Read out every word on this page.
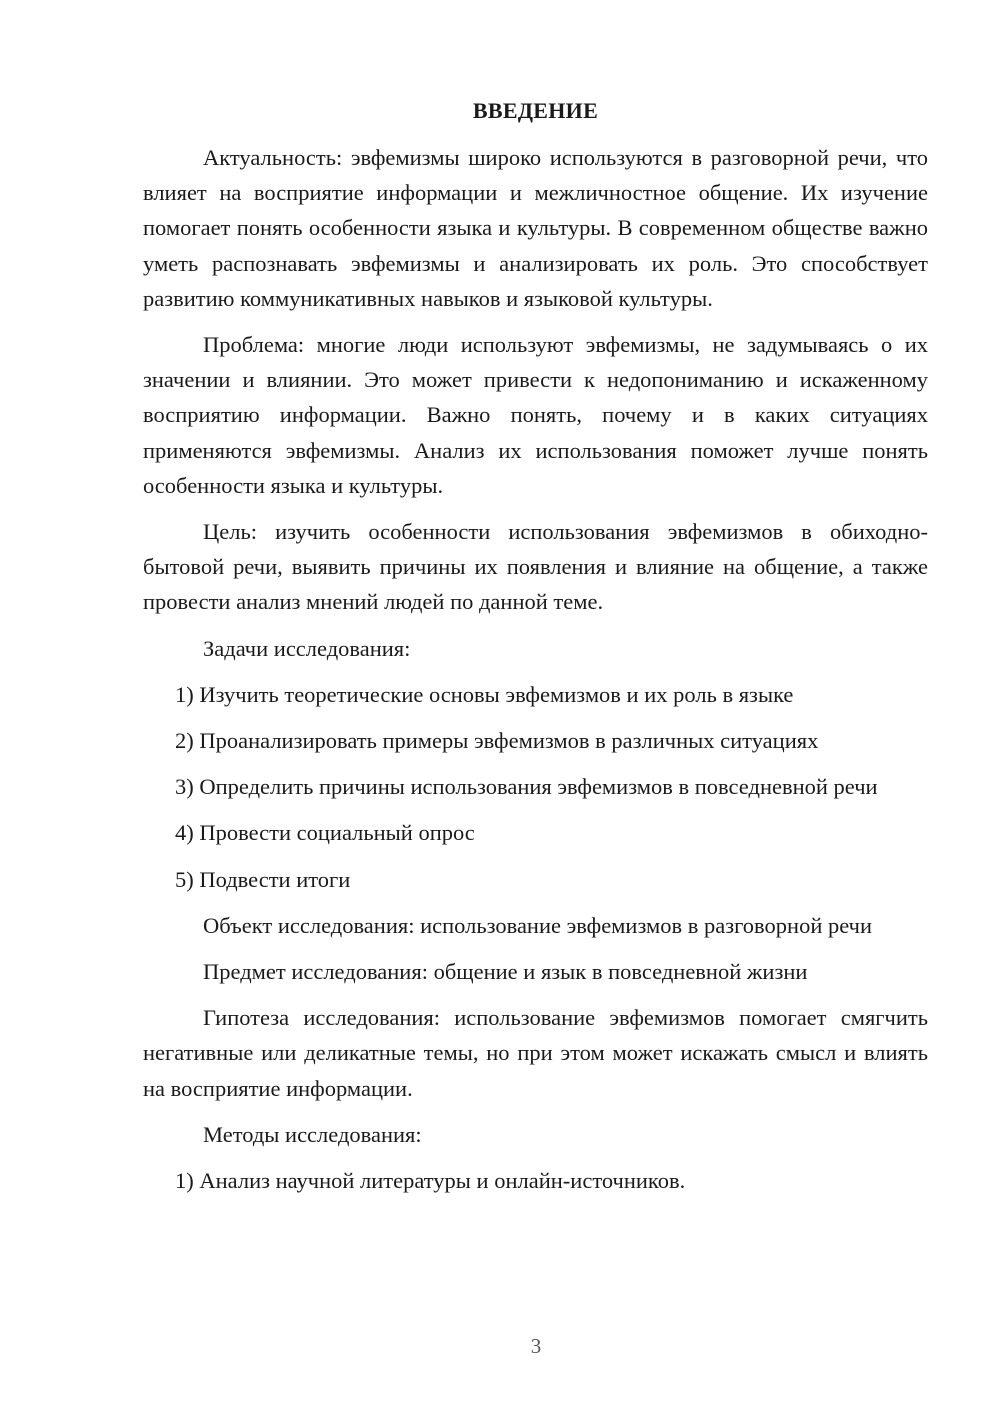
ВВЕДЕНИЕ

Актуальность: эвфемизмы широко используются в разговорной речи, что влияет на восприятие информации и межличностное общение. Их изучение помогает понять особенности языка и культуры. В современном обществе важно уметь распознавать эвфемизмы и анализировать их роль. Это способствует развитию коммуникативных навыков и языковой культуры.

Проблема: многие люди используют эвфемизмы, не задумываясь о их значении и влиянии. Это может привести к недопониманию и искаженному восприятию информации. Важно понять, почему и в каких ситуациях применяются эвфемизмы. Анализ их использования поможет лучше понять особенности языка и культуры.

Цель: изучить особенности использования эвфемизмов в обиходно-бытовой речи, выявить причины их появления и влияние на общение, а также провести анализ мнений людей по данной теме.

Задачи исследования:

1) Изучить теоретические основы эвфемизмов и их роль в языке

2) Проанализировать примеры эвфемизмов в различных ситуациях

3) Определить причины использования эвфемизмов в повседневной речи

4) Провести социальный опрос

5) Подвести итоги

Объект исследования: использование эвфемизмов в разговорной речи

Предмет исследования: общение и язык в повседневной жизни

Гипотеза исследования: использование эвфемизмов помогает смягчить негативные или деликатные темы, но при этом может искажать смысл и влиять на восприятие информации.

Методы исследования:

1) Анализ научной литературы и онлайн-источников.

3
